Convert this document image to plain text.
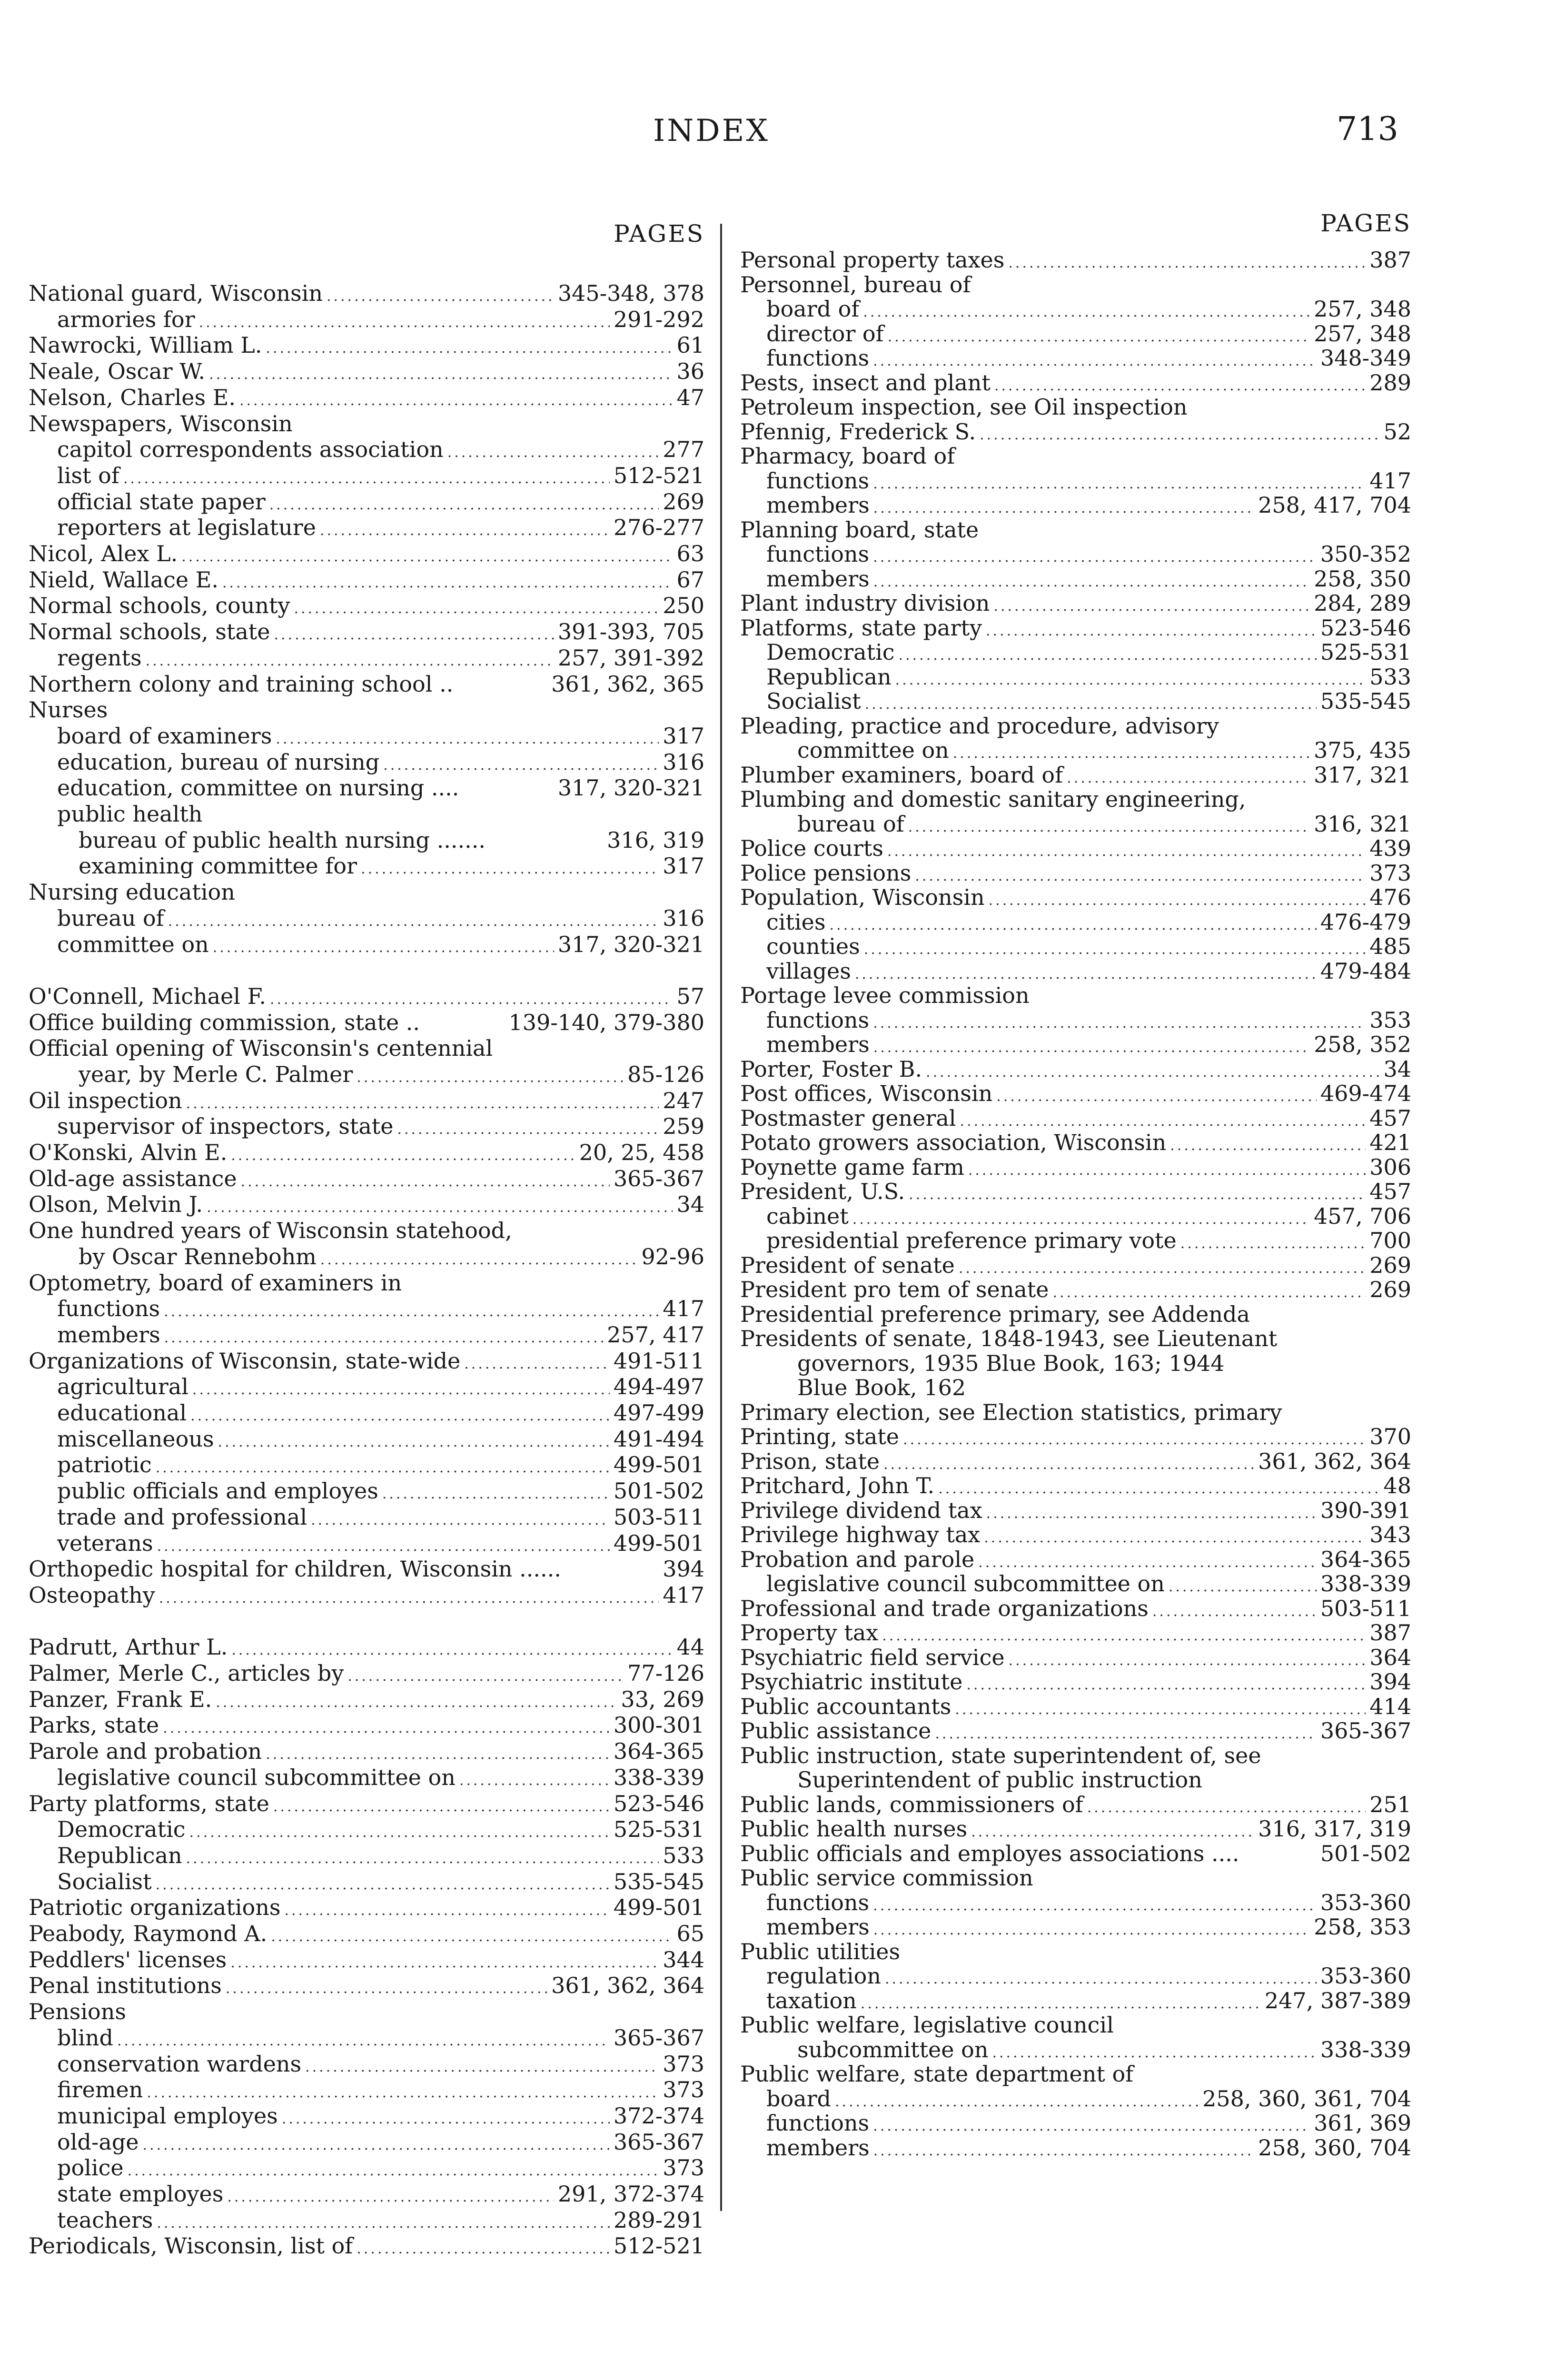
INDEX	713
PAGES
National guard, Wisconsin .....	345-348, 378
armories for .....	291-292
Nawrocki, William L. .....	61
Neale, Oscar W. .....	36
Nelson, Charles E. .....	47
Newspapers, Wisconsin
capitol correspondents association .....	277
list of .....	512-521
official state paper .....	269
reporters at legislature .....	276-277
Nicol, Alex L. .....	63
Nield, Wallace E. .....	67
Normal schools, county .....	250
Normal schools, state .....	391-393, 705
regents .....	257, 391-392
Northern colony and training school ..	361, 362, 365
Nurses
board of examiners .....	317
education, bureau of nursing .....	316
education, committee on nursing ....	317, 320-321
public health
bureau of public health nursing .......	316, 319
examining committee for .....	317
Nursing education
bureau of .....	316
committee on .....	317, 320-321
O'Connell, Michael F. .....	57
Office building commission, state ..	139-140, 379-380
Official opening of Wisconsin's centennial
year, by Merle C. Palmer .....	85-126
Oil inspection .....	247
supervisor of inspectors, state .....	259
O'Konski, Alvin E. .....	20, 25, 458
Old-age assistance .....	365-367
Olson, Melvin J. .....	34
One hundred years of Wisconsin statehood,
by Oscar Rennebohm .....	92-96
Optometry, board of examiners in
functions .....	417
members .....	257, 417
Organizations of Wisconsin, state-wide .....	491-511
agricultural .....	494-497
educational .....	497-499
miscellaneous .....	491-494
patriotic .....	499-501
public officials and employes .....	501-502
trade and professional .....	503-511
veterans .....	499-501
Orthopedic hospital for children, Wisconsin ......	394
Osteopathy .....	417
Padrutt, Arthur L. .....	44
Palmer, Merle C., articles by .....	77-126
Panzer, Frank E. .....	33, 269
Parks, state .....	300-301
Parole and probation .....	364-365
legislative council subcommittee on .....	338-339
Party platforms, state .....	523-546
Democratic .....	525-531
Republican .....	533
Socialist .....	535-545
Patriotic organizations .....	499-501
Peabody, Raymond A. .....	65
Peddlers' licenses .....	344
Penal institutions .....	361, 362, 364
Pensions
blind .....	365-367
conservation wardens .....	373
firemen .....	373
municipal employes .....	372-374
old-age .....	365-367
police .....	373
state employes .....	291, 372-374
teachers .....	289-291
Periodicals, Wisconsin, list of .....	512-521
PAGES
Personal property taxes .....	387
Personnel, bureau of
board of .....	257, 348
director of .....	257, 348
functions .....	348-349
Pests, insect and plant .....	289
Petroleum inspection, see Oil inspection
Pfennig, Frederick S. .....	52
Pharmacy, board of
functions .....	417
members .....	258, 417, 704
Planning board, state
functions .....	350-352
members .....	258, 350
Plant industry division .....	284, 289
Platforms, state party .....	523-546
Democratic .....	525-531
Republican .....	533
Socialist .....	535-545
Pleading, practice and procedure, advisory
committee on .....	375, 435
Plumber examiners, board of .....	317, 321
Plumbing and domestic sanitary engineering,
bureau of .....	316, 321
Police courts .....	439
Police pensions .....	373
Population, Wisconsin .....	476
cities .....	476-479
counties .....	485
villages .....	479-484
Portage levee commission
functions .....	353
members .....	258, 352
Porter, Foster B. .....	34
Post offices, Wisconsin .....	469-474
Postmaster general .....	457
Potato growers association, Wisconsin .....	421
Poynette game farm .....	306
President, U.S. .....	457
cabinet .....	457, 706
presidential preference primary vote .....	700
President of senate .....	269
President pro tem of senate .....	269
Presidential preference primary, see Addenda
Presidents of senate, 1848-1943, see Lieutenant
governors, 1935 Blue Book, 163; 1944
Blue Book, 162
Primary election, see Election statistics, primary
Printing, state .....	370
Prison, state .....	361, 362, 364
Pritchard, John T. .....	48
Privilege dividend tax .....	390-391
Privilege highway tax .....	343
Probation and parole .....	364-365
legislative council subcommittee on .....	338-339
Professional and trade organizations .....	503-511
Property tax .....	387
Psychiatric field service .....	364
Psychiatric institute .....	394
Public accountants .....	414
Public assistance .....	365-367
Public instruction, state superintendent of, see
Superintendent of public instruction
Public lands, commissioners of .....	251
Public health nurses .....	316, 317, 319
Public officials and employes associations ....	501-502
Public service commission
functions .....	353-360
members .....	258, 353
Public utilities
regulation .....	353-360
taxation .....	247, 387-389
Public welfare, legislative council
subcommittee on .....	338-339
Public welfare, state department of
board .....	258, 360, 361, 704
functions .....	361, 369
members .....	258, 360, 704
